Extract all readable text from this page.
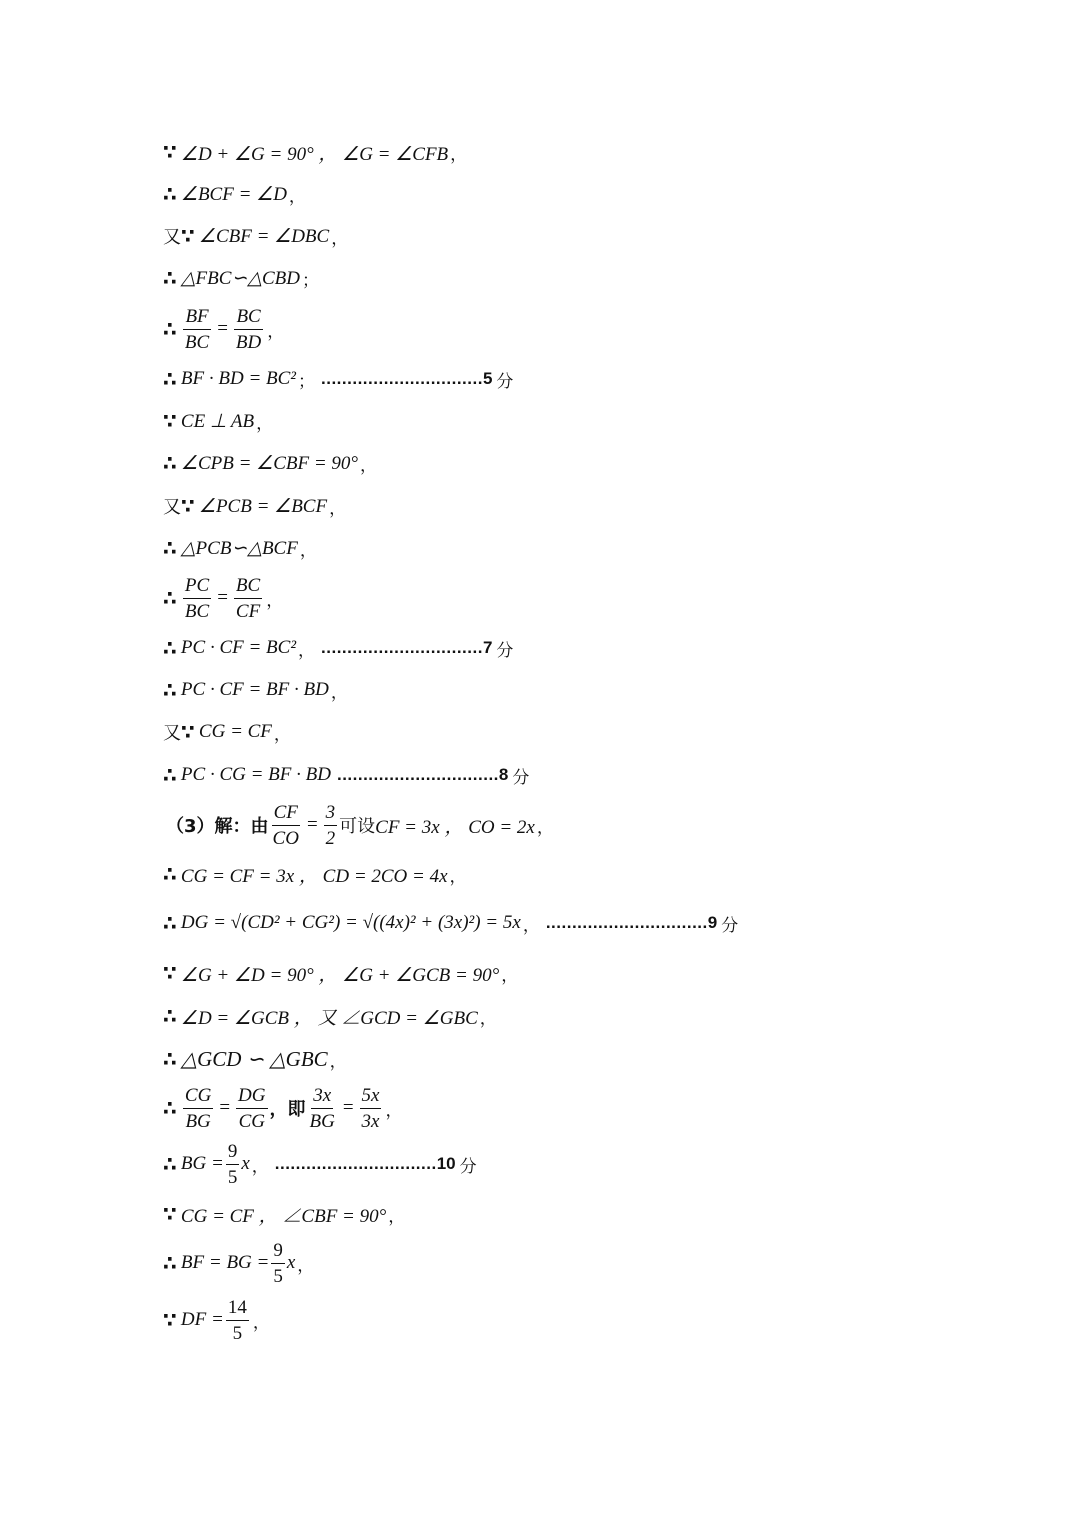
∵ ∠D + ∠G = 90° ， ∠G = ∠CFB ，
∴ ∠BCF = ∠D ，
又 ∵ ∠CBF = ∠DBC ，
∴ △FBC∽△CBD ；
∴ $\frac{BF}{BC} = \frac{BC}{BD}$ ，
∴ BF · BD = BC² ； ............................... 5 分
∵ CE ⊥ AB ，
∴ ∠CPB = ∠CBF = 90° ，
又 ∵ ∠PCB = ∠BCF ，
∴ △PCB∽△BCF ，
∴ $\frac{PC}{BC} = \frac{BC}{CF}$ ，
∴ PC · CF = BC² ， ............................... 7 分
∴ PC · CF = BF · BD ，
又 ∵ CG = CF ，
∴ PC · CG = BF · BD ............................... 8 分
（3）解：由 $\frac{CF}{CO} = \frac{3}{2}$ 可设 CF = 3x ， CO = 2x ，
∴ CG = CF = 3x ， CD = 2CO = 4x ，
∴ DG = √(CD² + CG²) = √((4x)² + (3x)²) = 5x ， ............................... 9 分
∵ ∠G + ∠D = 90° ， ∠G + ∠GCB = 90° ，
∴ ∠D = ∠GCB ， 又 ∠GCD = ∠GBC ，
∴ △GCD ∽ △GBC ，
∴ $\frac{CG}{BG} = \frac{DG}{CG}$ ，即 $\frac{3x}{BG} = \frac{5x}{3x}$ ，
∴ BG = $\frac{9}{5}$ x ， ............................... 10 分
∵ CG = CF ， ∠CBF = 90° ，
∴ BF = BG = $\frac{9}{5}$ x ，
∵ DF = $\frac{14}{5}$ ，
